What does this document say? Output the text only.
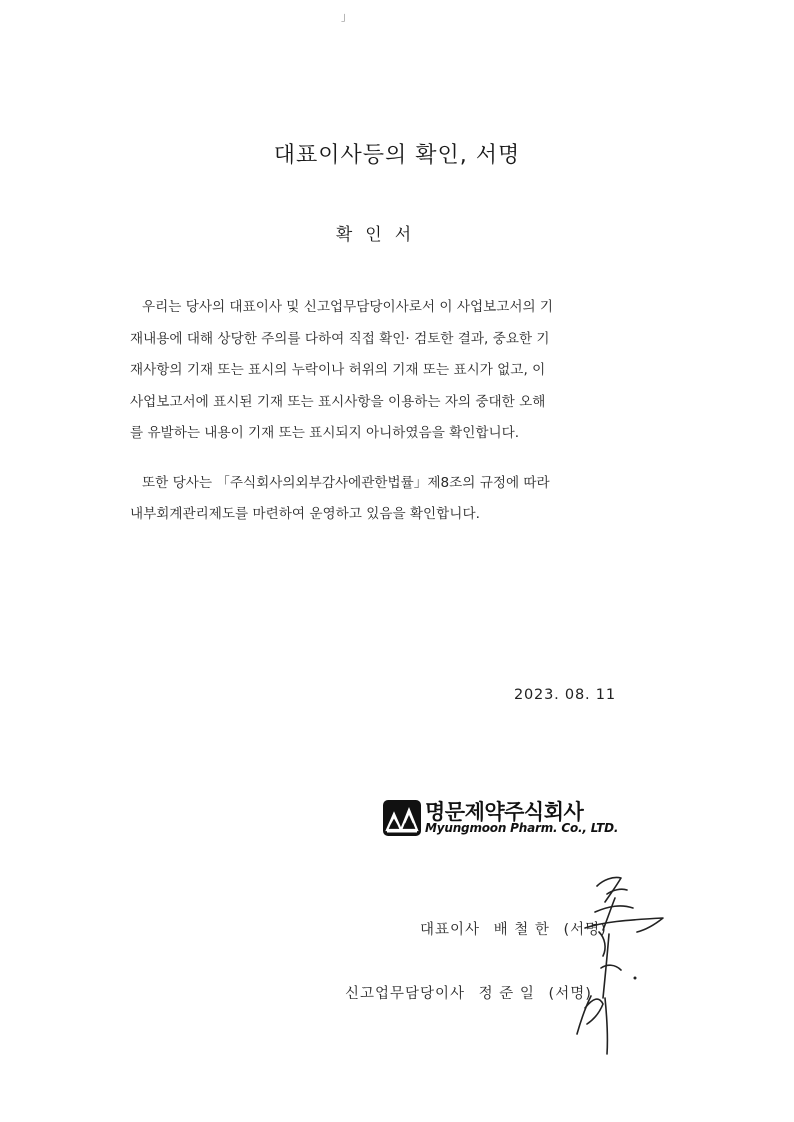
」
대표이사등의 확인, 서명
확인서
우리는 당사의 대표이사 및 신고업무담당이사로서 이 사업보고서의 기
재내용에 대해 상당한 주의를 다하여 직접 확인· 검토한 결과, 중요한 기
재사항의 기재 또는 표시의 누락이나 허위의 기재 또는 표시가 없고, 이
사업보고서에 표시된 기재 또는 표시사항을 이용하는 자의 중대한 오해
를 유발하는 내용이 기재 또는 표시되지 아니하였음을 확인합니다.
또한 당사는 「주식회사의외부감사에관한법률」제8조의 규정에 따라
내부회계관리제도를 마련하여 운영하고 있음을 확인합니다.
2023. 08. 11
명문제약주식회사
Myungmoon Pharm. Co., LTD.
대표이사 배 철 한 (서명)
신고업무담당이사 정 준 일 (서명)
